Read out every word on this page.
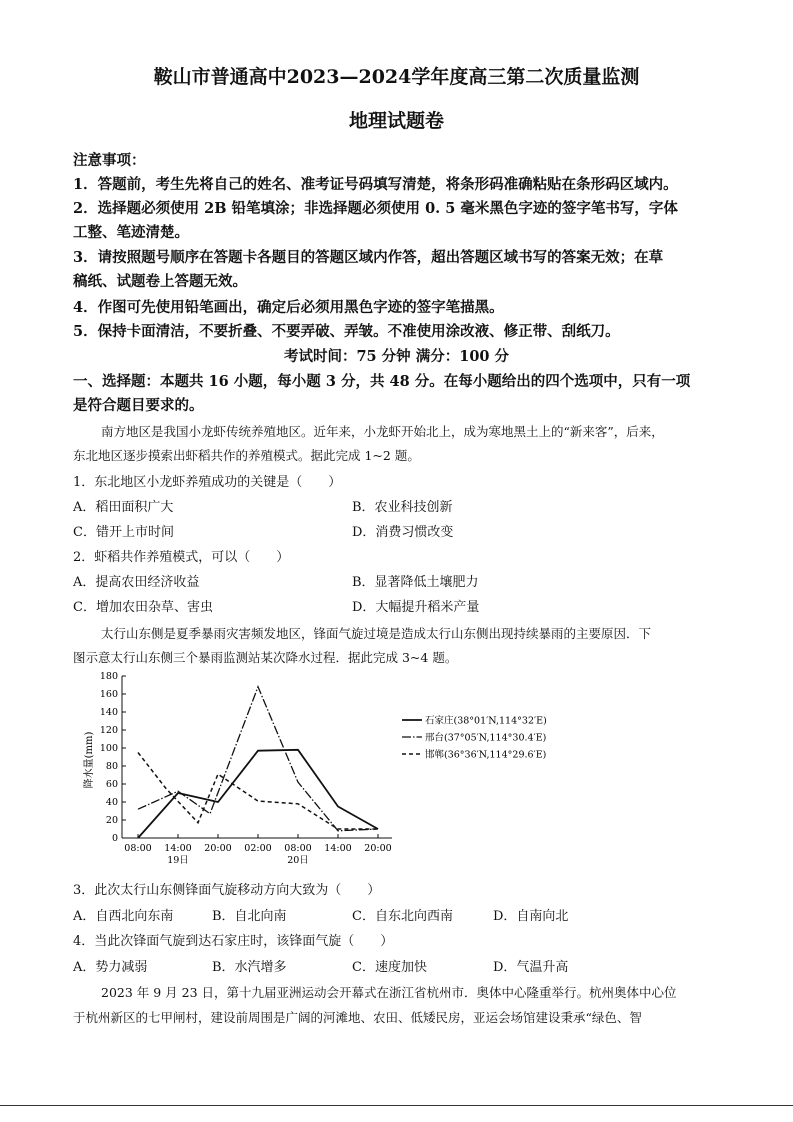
鞍山市普通高中2023—2024学年度高三第二次质量监测
地理试题卷
注意事项：
1．答题前，考生先将自己的姓名、准考证号码填写清楚，将条形码准确粘贴在条形码区域内。
2．选择题必须使用 2B 铅笔填涂；非选择题必须使用 0. 5 毫米黑色字迹的签字笔书写，字体
工整、笔迹清楚。
3．请按照题号顺序在答题卡各题目的答题区域内作答，超出答题区域书写的答案无效；在草
稿纸、试题卷上答题无效。
4．作图可先使用铅笔画出，确定后必须用黑色字迹的签字笔描黑。
5．保持卡面清洁，不要折叠、不要弄破、弄皱。不准使用涂改液、修正带、刮纸刀。
考试时间：75 分钟 满分：100 分
一、选择题：本题共 16 小题，每小题 3 分，共 48 分。在每小题给出的四个选项中，只有一项
是符合题目要求的。
南方地区是我国小龙虾传统养殖地区。近年来，小龙虾开始北上，成为寒地黑土上的“新来客”，后来，
东北地区逐步摸索出虾稻共作的养殖模式。据此完成 1~2 题。
1．东北地区小龙虾养殖成功的关键是（　　）
A．稻田面积广大	B．农业科技创新
C．错开上市时间	D．消费习惯改变
2．虾稻共作养殖模式，可以（　　）
A．提高农田经济收益	B．显著降低土壤肥力
C．增加农田杂草、害虫	D．大幅提升稻米产量
太行山东侧是夏季暴雨灾害频发地区，锋面气旋过境是造成太行山东侧出现持续暴雨的主要原因．下
图示意太行山东侧三个暴雨监测站某次降水过程．据此完成 3~4 题。
0
20
40
60
80
100
120
140
160
180
08:00 14:00 20:00 02:00 08:00 14:00 20:00
19日	20日
降水量(mm)
石家庄(38°01′N,114°32′E)
邢台(37°05′N,114°30.4′E)
邯郸(36°36′N,114°29.6′E)
3．此次太行山东侧锋面气旋移动方向大致为（　　）
A．自西北向东南	B．自北向南	C．自东北向西南	D．自南向北
4．当此次锋面气旋到达石家庄时，该锋面气旋（　　）
A．势力减弱	B．水汽增多	C．速度加快	D．气温升高
2023 年 9 月 23 日，第十九届亚洲运动会开幕式在浙江省杭州市．奥体中心隆重举行。杭州奥体中心位
于杭州新区的七甲闸村，建设前周围是广阔的河滩地、农田、低矮民房，亚运会场馆建设秉承“绿色、智
